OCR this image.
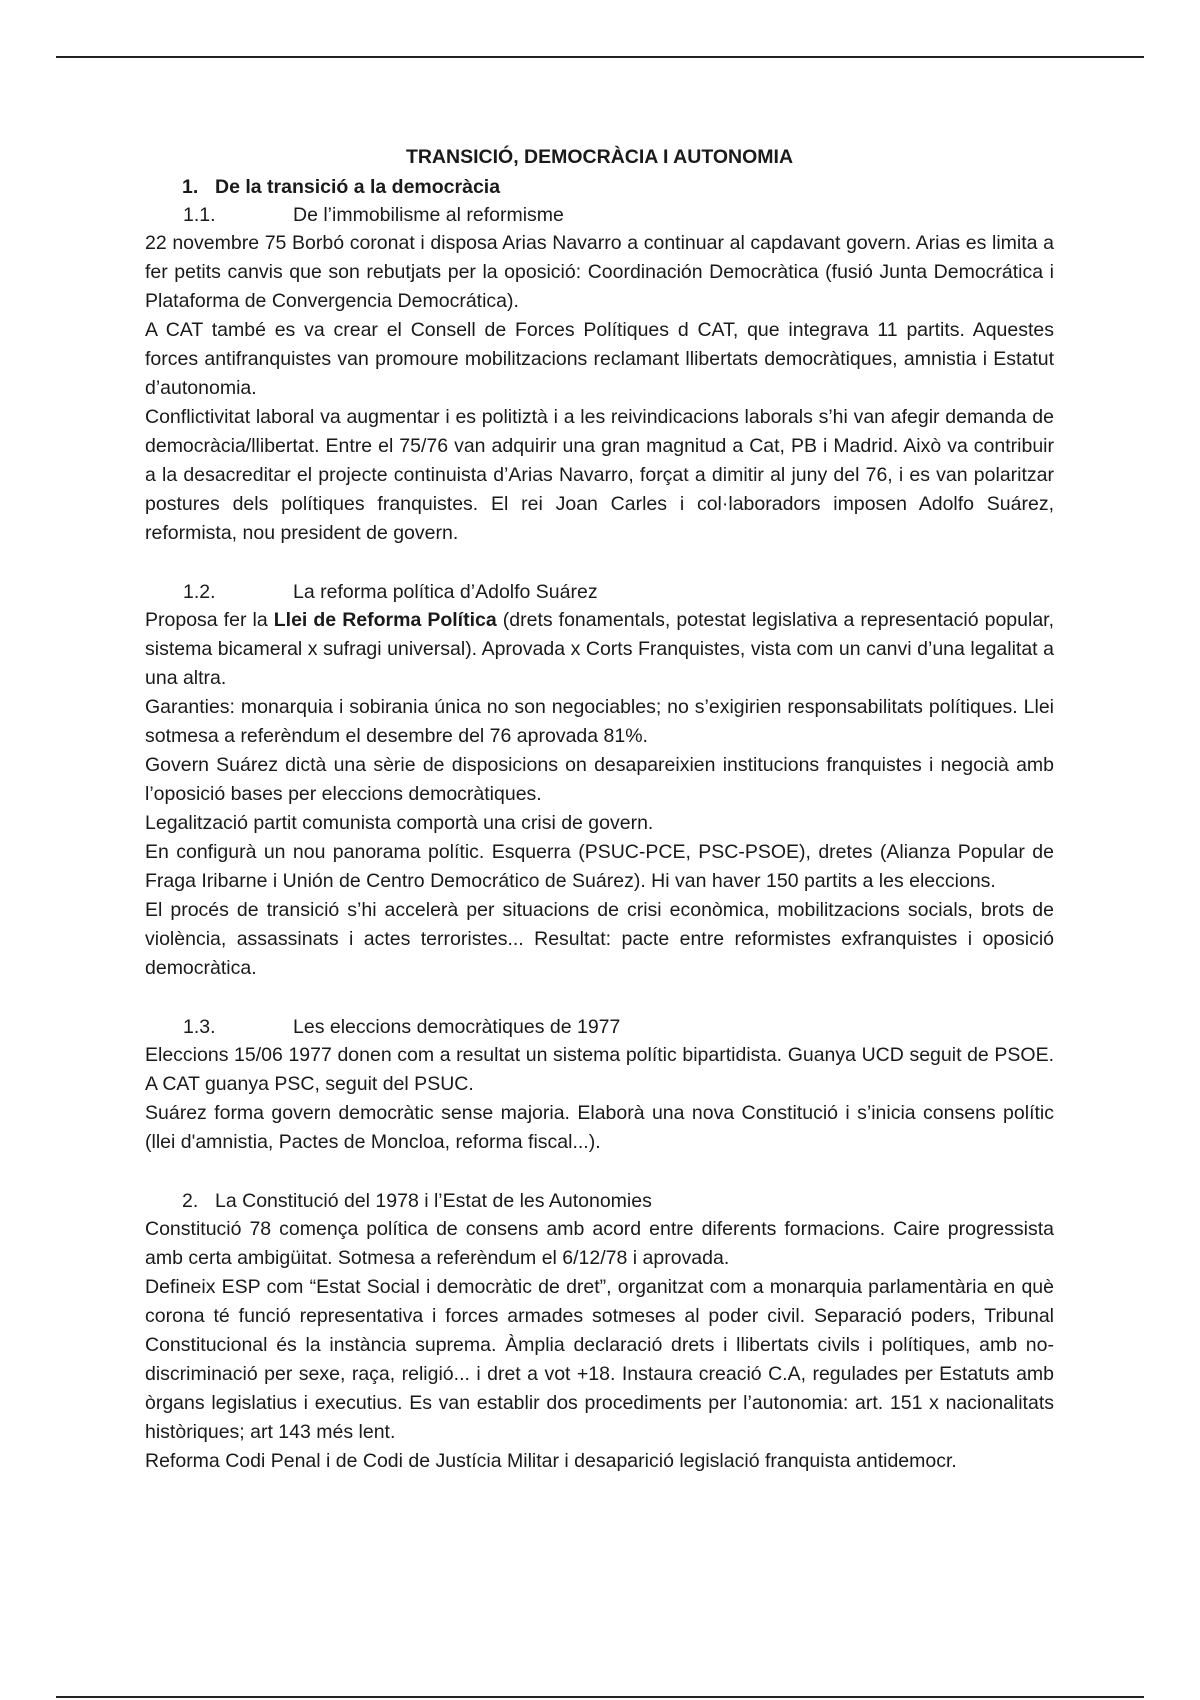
TRANSICIÓ, DEMOCRÀCIA I AUTONOMIA
1. De la transició a la democràcia
1.1.	De l’immobilisme al reformisme

22 novembre 75 Borbó coronat i disposa Arias Navarro a continuar al capdavant govern. Arias es limita a fer petits canvis que son rebutjats per la oposició: Coordinación Democràtica (fusió Junta Democrática i Plataforma de Convergencia Democrática).

A CAT també es va crear el Consell de Forces Polítiques d CAT, que integrava 11 partits. Aquestes forces antifranquistes van promoure mobilitzacions reclamant llibertats democràtiques, amnistia i Estatut d’autonomia.

Conflictivitat laboral va augmentar i es politiztà i a les reivindicacions laborals s’hi van afegir demanda de democràcia/llibertat. Entre el 75/76 van adquirir una gran magnitud a Cat, PB i Madrid. Això va contribuir a la desacreditar el projecte continuista d’Arias Navarro, forçat a dimitir al juny del 76, i es van polaritzar postures dels polítiques franquistes. El rei Joan Carles i col·laboradors imposen Adolfo Suárez, reformista, nou president de govern.

1.2.	La reforma política d’Adolfo Suárez

Proposa fer la Llei de Reforma Política (drets fonamentals, potestat legislativa a representació popular, sistema bicameral x sufragi universal). Aprovada x Corts Franquistes, vista com un canvi d’una legalitat a una altra.

Garanties: monarquia i sobirania única no son negociables; no s’exigirien responsabilitats polítiques. Llei sotmesa a referèndum el desembre del 76 aprovada 81%.

Govern Suárez dictà una sèrie de disposicions on desapareixien institucions franquistes i negocià amb l’oposició bases per eleccions democràtiques.

Legalització partit comunista comportà una crisi de govern.

En configurà un nou panorama polític. Esquerra (PSUC-PCE, PSC-PSOE), dretes (Alianza Popular de Fraga Iribarne i Unión de Centro Democrático de Suárez). Hi van haver 150 partits a les eleccions.

El procés de transició s’hi accelerà per situacions de crisi econòmica, mobilitzacions socials, brots de violència, assassinats i actes terroristes... Resultat: pacte entre reformistes exfranquistes i oposició democràtica.

1.3.	Les eleccions democràtiques de 1977

Eleccions 15/06 1977 donen com a resultat un sistema polític bipartidista. Guanya UCD seguit de PSOE. A CAT guanya PSC, seguit del PSUC.

Suárez forma govern democràtic sense majoria. Elaborà una nova Constitució i s’inicia consens polític (llei d'amnistia, Pactes de Moncloa, reforma fiscal...).

2. La Constitució del 1978 i l’Estat de les Autonomies

Constitució 78 comença política de consens amb acord entre diferents formacions. Caire progressista amb certa ambigüitat. Sotmesa a referèndum el 6/12/78 i aprovada.

Defineix ESP com “Estat Social i democràtic de dret”, organitzat com a monarquia parlamentària en què corona té funció representativa i forces armades sotmeses al poder civil. Separació poders, Tribunal Constitucional és la instància suprema. Àmplia declaració drets i llibertats civils i polítiques, amb no-discriminació per sexe, raça, religió... i dret a vot +18. Instaura creació C.A, regulades per Estatuts amb òrgans legislatius i executius. Es van establir dos procediments per l’autonomia: art. 151 x nacionalitats històriques; art 143 més lent.

Reforma Codi Penal i de Codi de Justícia Militar i desaparició legislació franquista antidemocr.
